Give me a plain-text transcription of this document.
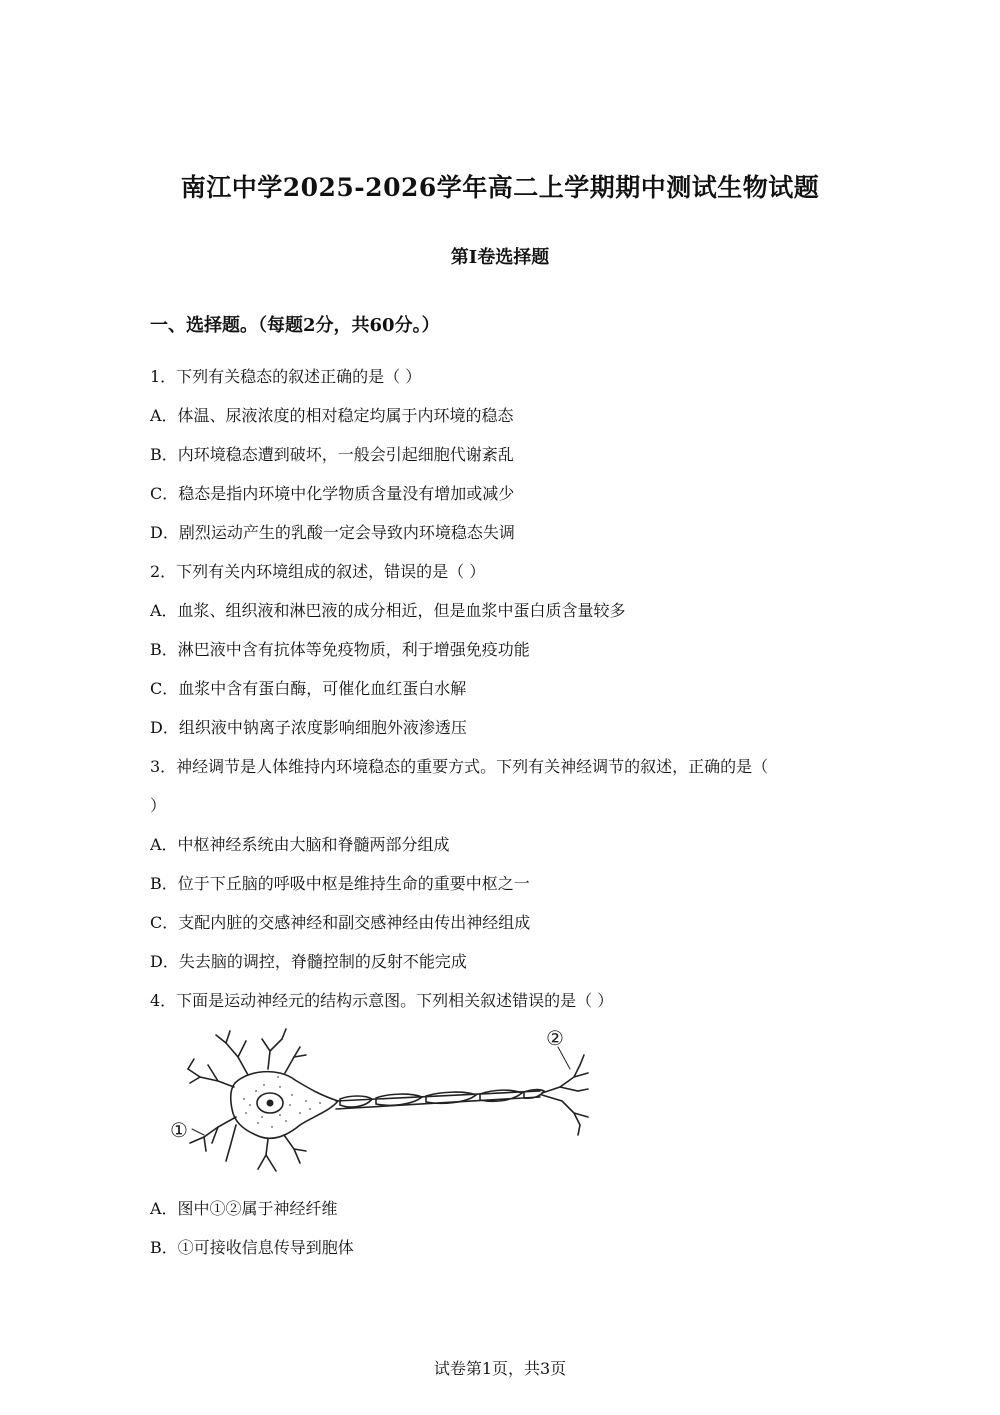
南江中学2025-2026学年高二上学期期中测试生物试题
第I卷选择题
一、选择题。（每题2分，共60分。）
1．下列有关稳态的叙述正确的是（ ）
A．体温、尿液浓度的相对稳定均属于内环境的稳态
B．内环境稳态遭到破坏，一般会引起细胞代谢紊乱
C．稳态是指内环境中化学物质含量没有增加或减少
D．剧烈运动产生的乳酸一定会导致内环境稳态失调
2．下列有关内环境组成的叙述，错误的是（ ）
A．血浆、组织液和淋巴液的成分相近，但是血浆中蛋白质含量较多
B．淋巴液中含有抗体等免疫物质，利于增强免疫功能
C．血浆中含有蛋白酶，可催化血红蛋白水解
D．组织液中钠离子浓度影响细胞外液渗透压
3．神经调节是人体维持内环境稳态的重要方式。下列有关神经调节的叙述，正确的是（
）
A．中枢神经系统由大脑和脊髓两部分组成
B．位于下丘脑的呼吸中枢是维持生命的重要中枢之一
C．支配内脏的交感神经和副交感神经由传出神经组成
D．失去脑的调控，脊髓控制的反射不能完成
4．下面是运动神经元的结构示意图。下列相关叙述错误的是（ ）
①
②
A．图中①②属于神经纤维
B．①可接收信息传导到胞体
试卷第1页，共3页
